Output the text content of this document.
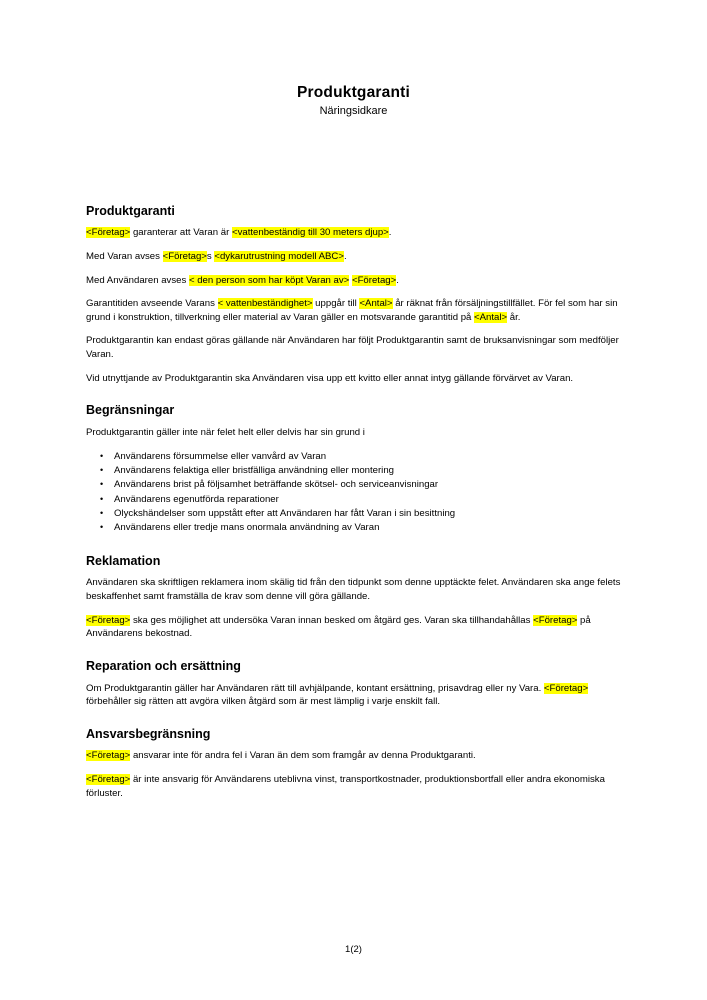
Produktgaranti
Näringsidkare
Produktgaranti

<Företag> garanterar att Varan är <vattenbeständig till 30 meters djup>.

Med Varan avses <Företag>s <dykarutrustning modell ABC>.

Med Användaren avses < den person som har köpt Varan av> <Företag>.

Garantitiden avseende Varans < vattenbeständighet> uppgår till <Antal> år räknat från försäljningstillfället. För fel som har sin grund i konstruktion, tillverkning eller material av Varan gäller en motsvarande garantitid på <Antal> år.

Produktgarantin kan endast göras gällande när Användaren har följt Produktgarantin samt de bruksanvisningar som medföljer Varan.

Vid utnyttjande av Produktgarantin ska Användaren visa upp ett kvitto eller annat intyg gällande förvärvet av Varan.

Begränsningar

Produktgarantin gäller inte när felet helt eller delvis har sin grund i

• Användarens försummelse eller vanvård av Varan
• Användarens felaktiga eller bristfälliga användning eller montering
• Användarens brist på följsamhet beträffande skötsel- och serviceanvisningar
• Användarens egenutförda reparationer
• Olyckshändelser som uppstått efter att Användaren har fått Varan i sin besittning
• Användarens eller tredje mans onormala användning av Varan
Reklamation

Användaren ska skriftligen reklamera inom skälig tid från den tidpunkt som denne upptäckte felet. Användaren ska ange felets beskaffenhet samt framställa de krav som denne vill göra gällande.

<Företag> ska ges möjlighet att undersöka Varan innan besked om åtgärd ges. Varan ska tillhandahållas <Företag> på Användarens bekostnad.

Reparation och ersättning

Om Produktgarantin gäller har Användaren rätt till avhjälpande, kontant ersättning, prisavdrag eller ny Vara. <Företag> förbehåller sig rätten att avgöra vilken åtgärd som är mest lämplig i varje enskilt fall.

Ansvarsbegränsning

<Företag> ansvarar inte för andra fel i Varan än dem som framgår av denna Produktgaranti.

<Företag> är inte ansvarig för Användarens uteblivna vinst, transportkostnader, produktionsbortfall eller andra ekonomiska förluster.

1(2)
